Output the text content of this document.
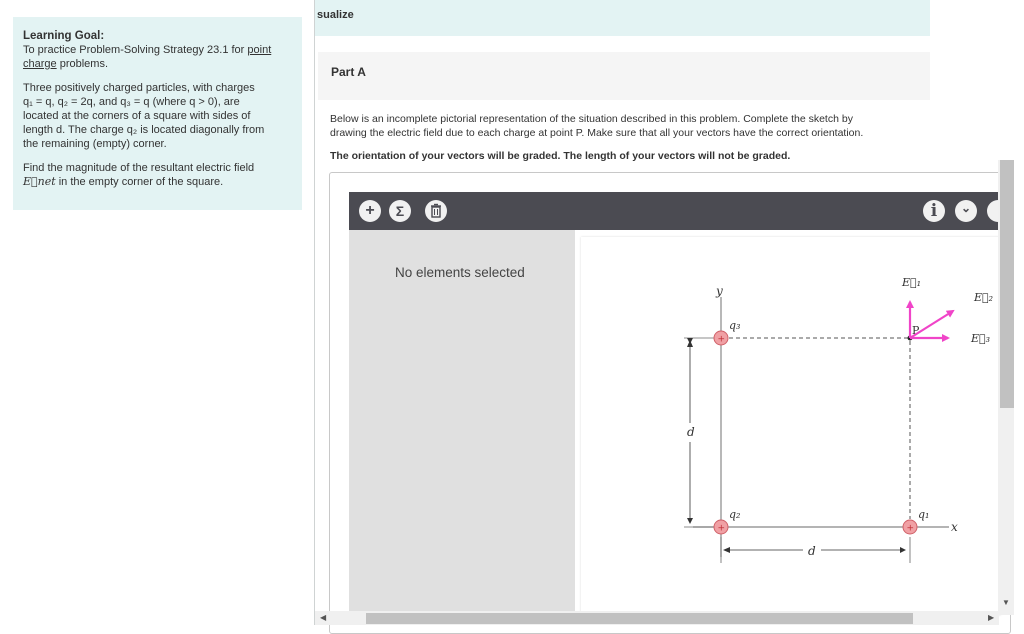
Learning Goal:

To practice Problem-Solving Strategy 23.1 for point charge problems.

Three positively charged particles, with charges
q₁ = q, q₂ = 2q, and q₃ = q (where q > 0), are
located at the corners of a square with sides of
length d. The charge q₂ is located diagonally from
the remaining (empty) corner.

Find the magnitude of the resultant electric field
E⃗net in the empty corner of the square.

sualize
Part A
Below is an incomplete pictorial representation of the situation described in this problem. Complete the sketch by
drawing the electric field due to each charge at point P. Make sure that all your vectors have the correct orientation.
The orientation of your vectors will be graded. The length of your vectors will not be graded.
+	Σ	i	⌄
No elements selected
d
d
y
x
+
+	+
q₃
q₂	q₁
P
E⃗₁
E⃗₂
E⃗₃
▼
◀	▶
